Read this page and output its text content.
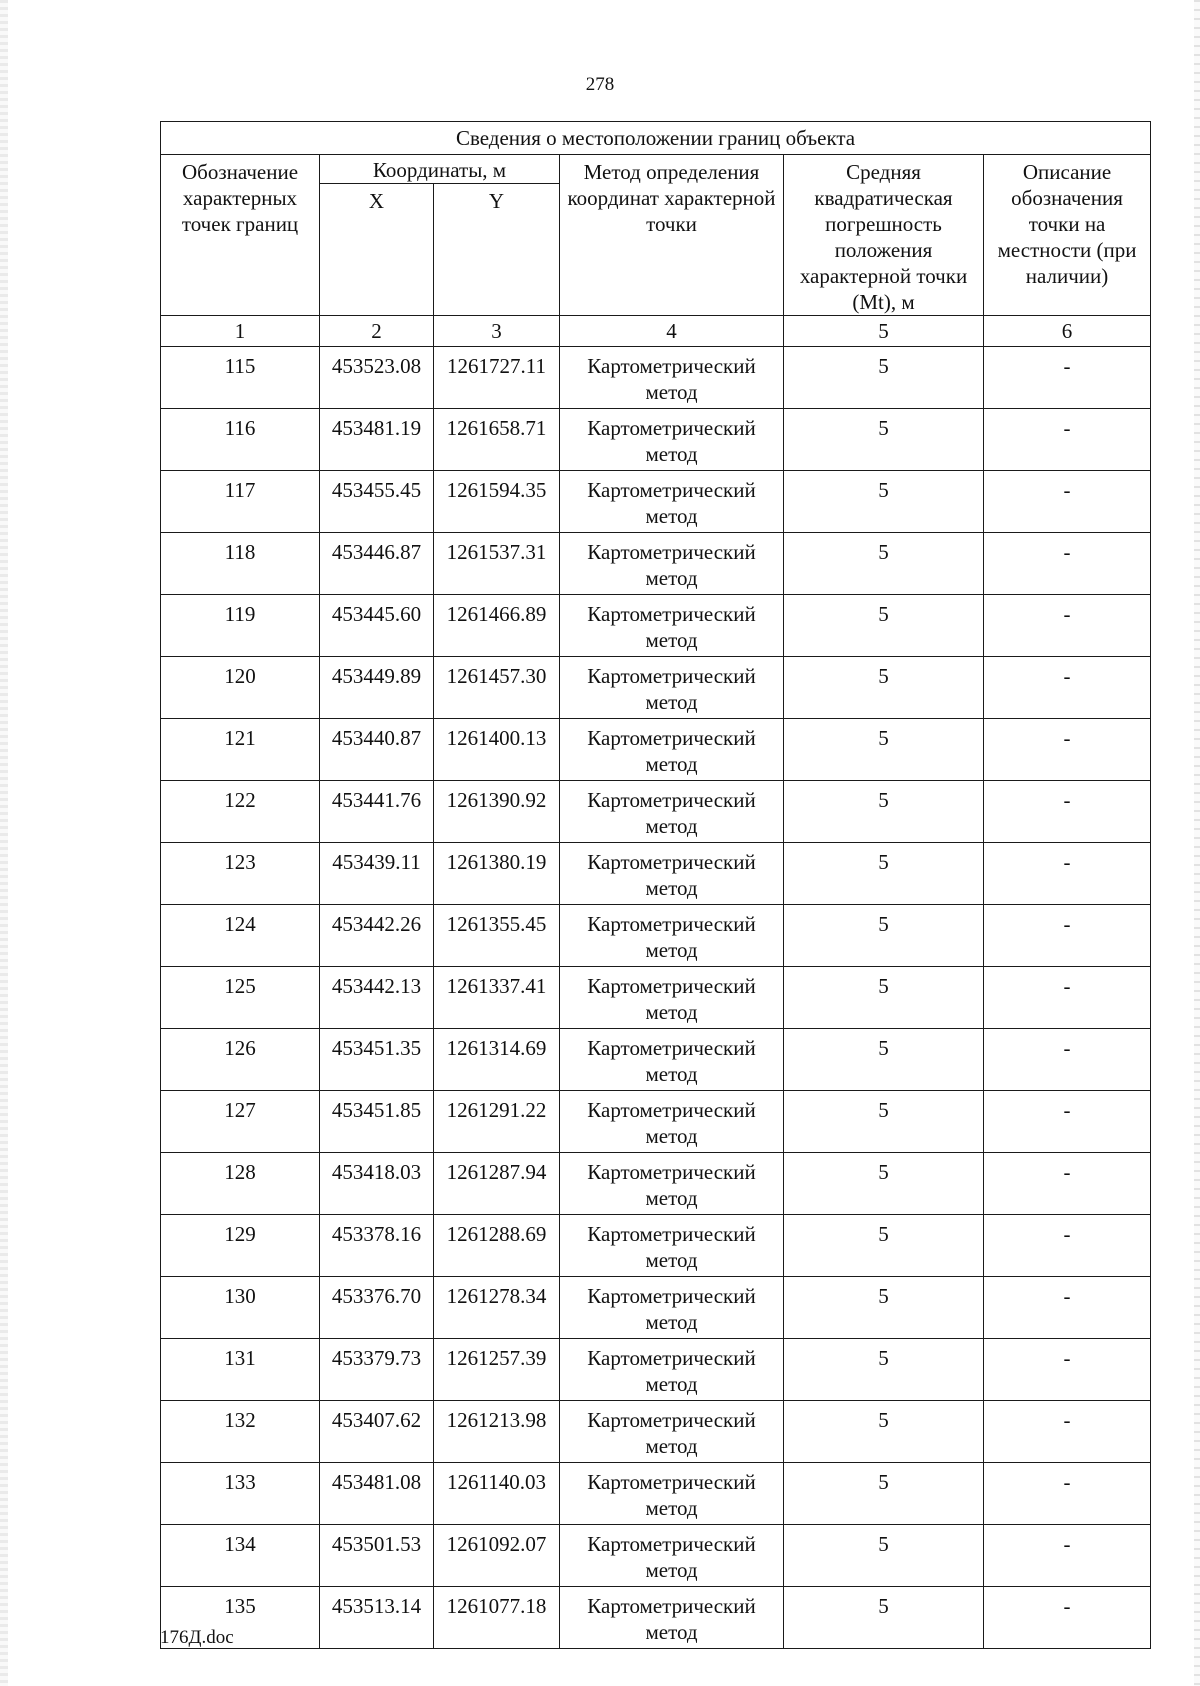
278
Сведения о местоположении границ объекта					
Обозначение характерных точек границ	Координаты, м		Метод определения координат характерной точки	Средняя квадратическая погрешность положения характерной точки (Mt), м	Описание обозначения точки на местности (при наличии)
	X	Y			
1	2	3	4	5	6
115	453523.08	1261727.11	Картометрический метод	5	-
116	453481.19	1261658.71	Картометрический метод	5	-
117	453455.45	1261594.35	Картометрический метод	5	-
118	453446.87	1261537.31	Картометрический метод	5	-
119	453445.60	1261466.89	Картометрический метод	5	-
120	453449.89	1261457.30	Картометрический метод	5	-
121	453440.87	1261400.13	Картометрический метод	5	-
122	453441.76	1261390.92	Картометрический метод	5	-
123	453439.11	1261380.19	Картометрический метод	5	-
124	453442.26	1261355.45	Картометрический метод	5	-
125	453442.13	1261337.41	Картометрический метод	5	-
126	453451.35	1261314.69	Картометрический метод	5	-
127	453451.85	1261291.22	Картометрический метод	5	-
128	453418.03	1261287.94	Картометрический метод	5	-
129	453378.16	1261288.69	Картометрический метод	5	-
130	453376.70	1261278.34	Картометрический метод	5	-
131	453379.73	1261257.39	Картометрический метод	5	-
132	453407.62	1261213.98	Картометрический метод	5	-
133	453481.08	1261140.03	Картометрический метод	5	-
134	453501.53	1261092.07	Картометрический метод	5	-
135	453513.14	1261077.18	Картометрический метод	5	-
176Д.doc
